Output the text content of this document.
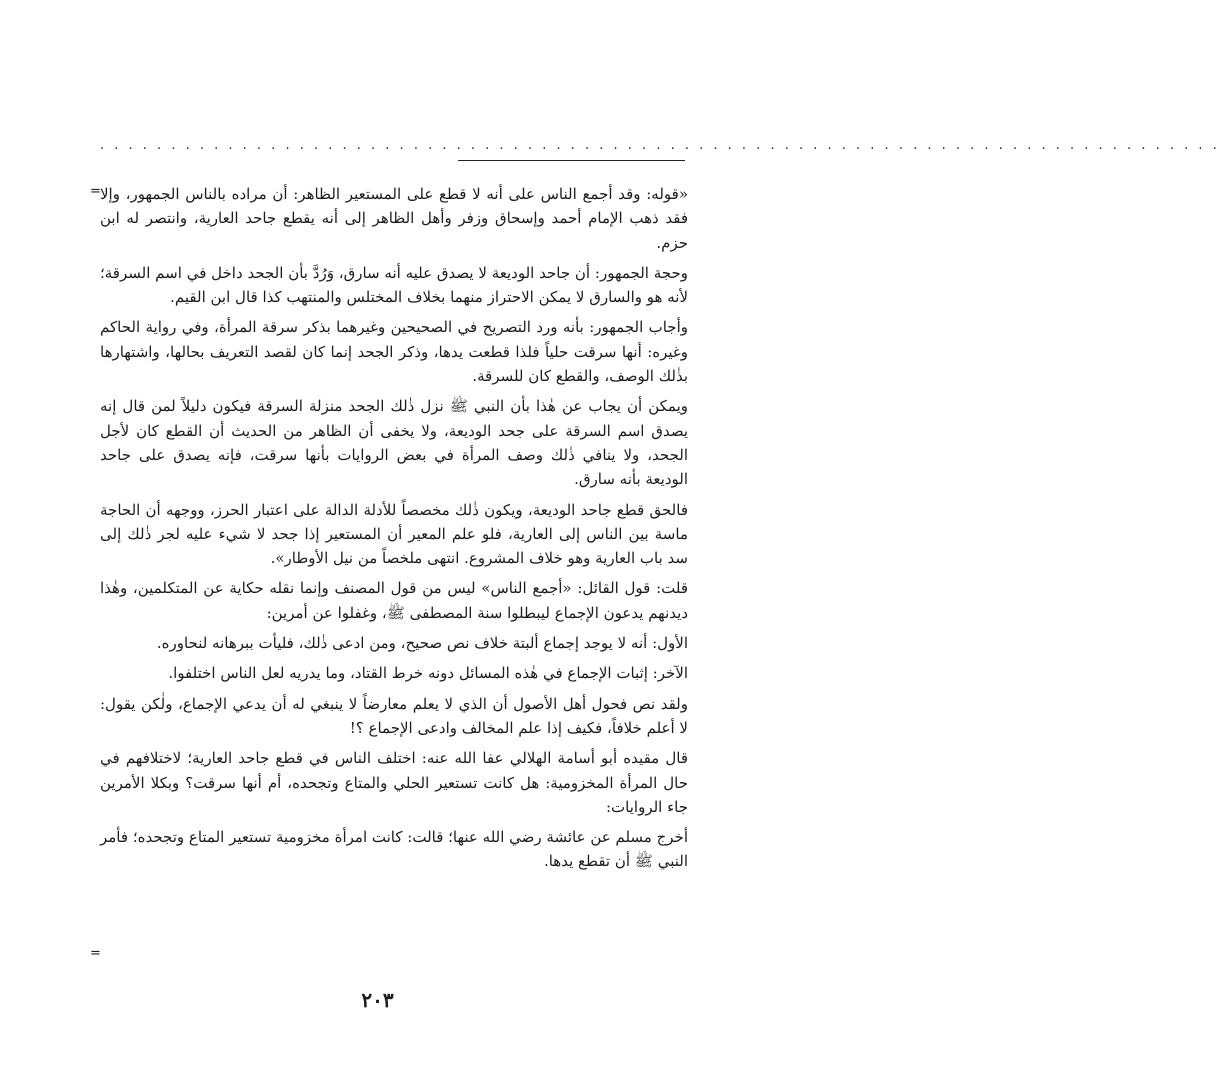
. . . . . . . . . . . . . . . . . . . . . . . . . . . . . . . . . . . . . . . . . . . . . . . . . . . . . . . . . . . . . . . . . . . . . . . . . . . . . . .
= «قوله: وقد أجمع الناس على أنه لا قطع على المستعير الظاهر: أن مراده بالناس الجمهور، وإلا فقد ذهب الإمام أحمد وإسحاق وزفر وأهل الظاهر إلى أنه يقطع جاحد العارية، وانتصر له ابن حزم.

وحجة الجمهور: أن جاحد الوديعة لا يصدق عليه أنه سارق، وَرُدَّ بأن الجحد داخل في اسم السرقة؛ لأنه هو والسارق لا يمكن الاحتراز منهما بخلاف المختلس والمنتهب كذا قال ابن القيم.

وأجاب الجمهور: بأنه ورد التصريح في الصحيحين وغيرهما بذكر سرقة المرأة، وفي رواية الحاكم وغيره: أنها سرقت حلياً فلذا قطعت يدها، وذكر الجحد إنما كان لقصد التعريف بحالها، واشتهارها بذٰلك الوصف، والقطع كان للسرقة.

ويمكن أن يجاب عن هٰذا بأن النبي ﷺ نزل ذٰلك الجحد منزلة السرقة فيكون دليلاً لمن قال إنه يصدق اسم السرقة على جحد الوديعة، ولا يخفى أن الظاهر من الحديث أن القطع كان لأجل الجحد، ولا ينافي ذٰلك وصف المرأة في بعض الروايات بأنها سرقت، فإنه يصدق على جاحد الوديعة بأنه سارق.

فالحق قطع جاحد الوديعة، ويكون ذٰلك مخصصاً للأدلة الدالة على اعتبار الحرز، ووجهه أن الحاجة ماسة بين الناس إلى العارية، فلو علم المعير أن المستعير إذا جحد لا شيء عليه لجر ذٰلك إلى سد باب العارية وهو خلاف المشروع. انتهى ملخصاً من نيل الأوطار».

قلت: قول القائل: «أجمع الناس» ليس من قول المصنف وإنما نقله حكاية عن المتكلمين، وهٰذا ديدنهم يدعون الإجماع ليبطلوا سنة المصطفى ﷺ، وغفلوا عن أمرين:

الأول: أنه لا يوجد إجماع ألبتة خلاف نص صحيح، ومن ادعى ذٰلك، فليأت ببرهانه لنحاوره.

الآخر: إثبات الإجماع في هٰذه المسائل دونه خرط القتاد، وما يدريه لعل الناس اختلفوا.

ولقد نص فحول أهل الأصول أن الذي لا يعلم معارضاً لا ينبغي له أن يدعي الإجماع، ولٰكن يقول: لا أعلم خلافاً، فكيف إذا علم المخالف وادعى الإجماع ؟!

قال مقيده أبو أسامة الهلالي عفا الله عنه: اختلف الناس في قطع جاحد العارية؛ لاختلافهم في حال المرأة المخزومية: هل كانت تستعير الحلي والمتاع وتجحده، أم أنها سرقت؟ وبكلا الأمرين جاء الروايات:

أخرج مسلم عن عائشة رضي الله عنها؛ قالت: كانت امرأة مخزومية تستعير المتاع وتجحده؛ فأمر النبي ﷺ أن تقطع يدها.

=
٢٠٣
